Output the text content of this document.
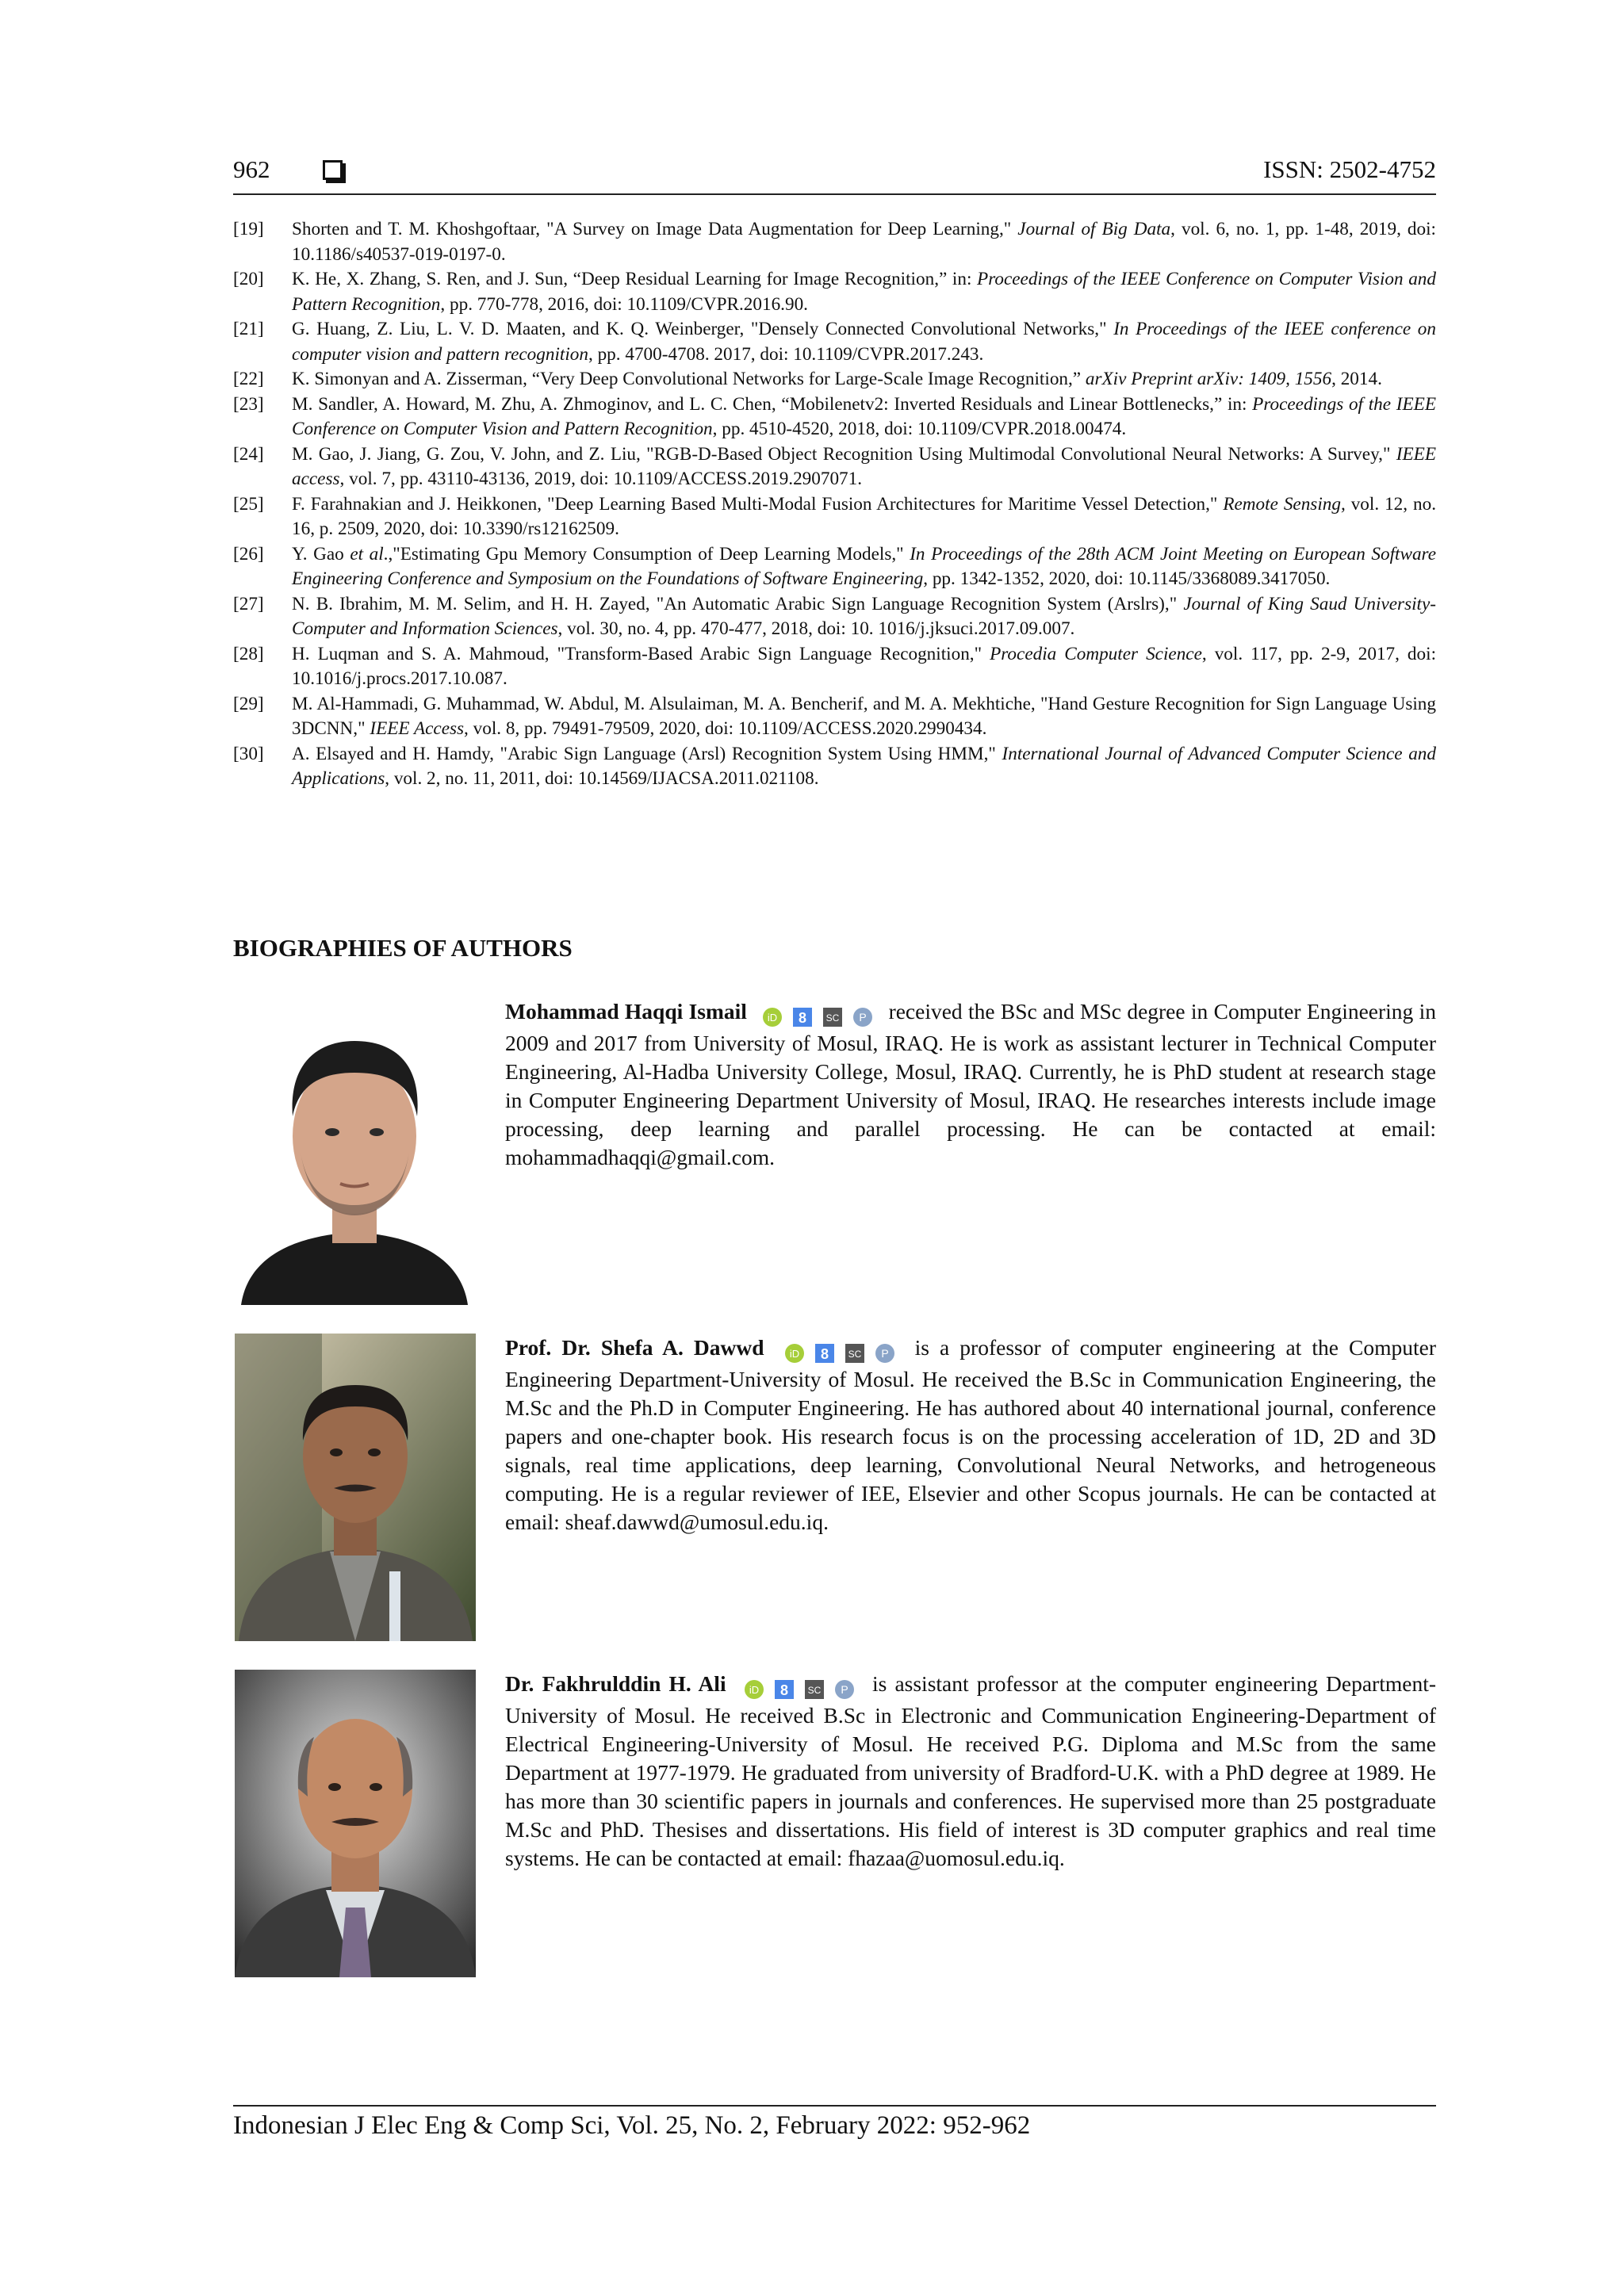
962	ISSN: 2502-4752
[19]	Shorten and T. M. Khoshgoftaar, "A Survey on Image Data Augmentation for Deep Learning," Journal of Big Data, vol. 6, no. 1, pp. 1-48, 2019, doi: 10.1186/s40537-019-0197-0.
[20]	K. He, X. Zhang, S. Ren, and J. Sun, “Deep Residual Learning for Image Recognition,” in: Proceedings of the IEEE Conference on Computer Vision and Pattern Recognition, pp. 770-778, 2016, doi: 10.1109/CVPR.2016.90.
[21]	G. Huang, Z. Liu, L. V. D. Maaten, and K. Q. Weinberger, "Densely Connected Convolutional Networks," In Proceedings of the IEEE conference on computer vision and pattern recognition, pp. 4700-4708. 2017, doi: 10.1109/CVPR.2017.243.
[22]	K. Simonyan and A. Zisserman, “Very Deep Convolutional Networks for Large-Scale Image Recognition,” arXiv Preprint arXiv: 1409, 1556, 2014.
[23]	M. Sandler, A. Howard, M. Zhu, A. Zhmoginov, and L. C. Chen, “Mobilenetv2: Inverted Residuals and Linear Bottlenecks,” in: Proceedings of the IEEE Conference on Computer Vision and Pattern Recognition, pp. 4510-4520, 2018, doi: 10.1109/CVPR.2018.00474.
[24]	M. Gao, J. Jiang, G. Zou, V. John, and Z. Liu, "RGB-D-Based Object Recognition Using Multimodal Convolutional Neural Networks: A Survey," IEEE access, vol. 7, pp. 43110-43136, 2019, doi: 10.1109/ACCESS.2019.2907071.
[25]	F. Farahnakian and J. Heikkonen, "Deep Learning Based Multi-Modal Fusion Architectures for Maritime Vessel Detection," Remote Sensing, vol. 12, no. 16, p. 2509, 2020, doi: 10.3390/rs12162509.
[26]	Y. Gao et al.,"Estimating Gpu Memory Consumption of Deep Learning Models," In Proceedings of the 28th ACM Joint Meeting on European Software Engineering Conference and Symposium on the Foundations of Software Engineering, pp. 1342-1352, 2020, doi: 10.1145/3368089.3417050.
[27]	N. B. Ibrahim, M. M. Selim, and H. H. Zayed, "An Automatic Arabic Sign Language Recognition System (Arslrs)," Journal of King Saud University-Computer and Information Sciences, vol. 30, no. 4, pp. 470-477, 2018, doi: 10. 1016/j.jksuci.2017.09.007.
[28]	H. Luqman and S. A. Mahmoud, "Transform-Based Arabic Sign Language Recognition," Procedia Computer Science, vol. 117, pp. 2-9, 2017, doi: 10.1016/j.procs.2017.10.087.
[29]	M. Al-Hammadi, G. Muhammad, W. Abdul, M. Alsulaiman, M. A. Bencherif, and M. A. Mekhtiche, "Hand Gesture Recognition for Sign Language Using 3DCNN," IEEE Access, vol. 8, pp. 79491-79509, 2020, doi: 10.1109/ACCESS.2020.2990434.
[30]	A. Elsayed and H. Hamdy, "Arabic Sign Language (Arsl) Recognition System Using HMM," International Journal of Advanced Computer Science and Applications, vol. 2, no. 11, 2011, doi: 10.14569/IJACSA.2011.021108.
BIOGRAPHIES OF AUTHORS
Mohammad Haqqi Ismail iD 8 SC P received the BSc and MSc degree in Computer Engineering in 2009 and 2017 from University of Mosul, IRAQ. He is work as assistant lecturer in Technical Computer Engineering, Al-Hadba University College, Mosul, IRAQ. Currently, he is PhD student at research stage in Computer Engineering Department University of Mosul, IRAQ. He researches interests include image processing, deep learning and parallel processing. He can be contacted at email: mohammadhaqqi@gmail.com.
Prof. Dr. Shefa A. Dawwd iD 8 SC P is a professor of computer engineering at the Computer Engineering Department-University of Mosul. He received the B.Sc in Communication Engineering, the M.Sc and the Ph.D in Computer Engineering. He has authored about 40 international journal, conference papers and one-chapter book. His research focus is on the processing acceleration of 1D, 2D and 3D signals, real time applications, deep learning, Convolutional Neural Networks, and hetrogeneous computing. He is a regular reviewer of IEE, Elsevier and other Scopus journals. He can be contacted at email: sheaf.dawwd@umosul.edu.iq.
Dr. Fakhrulddin H. Ali iD 8 SC P is assistant professor at the computer engineering Department-University of Mosul. He received B.Sc in Electronic and Communication Engineering-Department of Electrical Engineering-University of Mosul. He received P.G. Diploma and M.Sc from the same Department at 1977-1979. He graduated from university of Bradford-U.K. with a PhD degree at 1989. He has more than 30 scientific papers in journals and conferences. He supervised more than 25 postgraduate M.Sc and PhD. Thesises and dissertations. His field of interest is 3D computer graphics and real time systems. He can be contacted at email: fhazaa@uomosul.edu.iq.
Indonesian J Elec Eng & Comp Sci, Vol. 25, No. 2, February 2022: 952-962
